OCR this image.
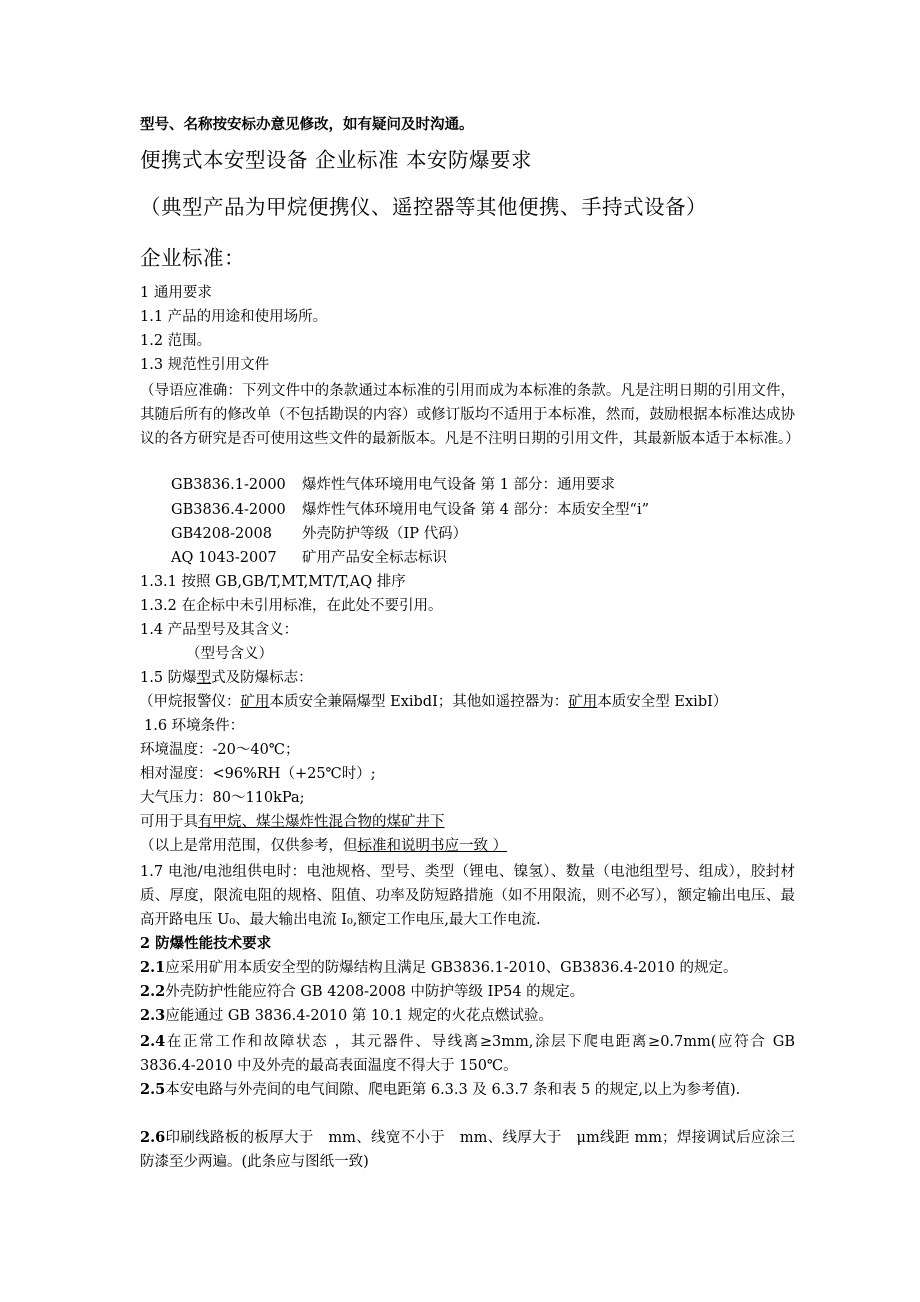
型号、名称按安标办意见修改，如有疑问及时沟通。
便携式本安型设备 企业标准 本安防爆要求
（典型产品为甲烷便携仪、遥控器等其他便携、手持式设备）
企业标准：
1 通用要求
1.1 产品的用途和使用场所。
1.2 范围。
1.3 规范性引用文件
（导语应准确：下列文件中的条款通过本标准的引用而成为本标准的条款。凡是注明日期的引用文件，其随后所有的修改单（不包括勘误的内容）或修订版均不适用于本标准，然而，鼓励根据本标准达成协议的各方研究是否可使用这些文件的最新版本。凡是不注明日期的引用文件，其最新版本适于本标准。）
GB3836.1-2000 爆炸性气体环境用电气设备 第 1 部分：通用要求
GB3836.4-2000 爆炸性气体环境用电气设备 第 4 部分：本质安全型“i”
GB4208-2008 外壳防护等级（IP 代码）
AQ 1043-2007 矿用产品安全标志标识
1.3.1 按照 GB,GB/T,MT,MT/T,AQ 排序
1.3.2 在企标中未引用标准，在此处不要引用。
1.4 产品型号及其含义：
（型号含义）
1.5 防爆型式及防爆标志：
（甲烷报警仪：矿用本质安全兼隔爆型 ExibdI；其他如遥控器为：矿用本质安全型 ExibI）
1.6 环境条件：
环境温度：-20～40℃；
相对湿度：<96%RH（+25℃时）;
大气压力：80～110kPa;
可用于具有甲烷、煤尘爆炸性混合物的煤矿井下
（以上是常用范围，仅供参考，但标准和说明书应一致 ）
1.7 电池/电池组供电时：电池规格、型号、类型（锂电、镍氢）、数量（电池组型号、组成），胶封材质、厚度，限流电阻的规格、阻值、功率及防短路措施（如不用限流，则不必写），额定输出电压、最高开路电压 U₀、最大输出电流 I₀,额定工作电压,最大工作电流.
2 防爆性能技术要求
2.1应采用矿用本质安全型的防爆结构且满足 GB3836.1-2010、GB3836.4-2010 的规定。
2.2外壳防护性能应符合 GB 4208-2008 中防护等级 IP54 的规定。
2.3应能通过 GB 3836.4-2010 第 10.1 规定的火花点燃试验。
2.4在正常工作和故障状态 ，其元器件、导线离≥3mm,涂层下爬电距离≥0.7mm(应符合 GB 3836.4-2010 中及外壳的最高表面温度不得大于 150℃。
2.5本安电路与外壳间的电气间隙、爬电距第 6.3.3 及 6.3.7 条和表 5 的规定,以上为参考值).
2.6印刷线路板的板厚大于　mm、线宽不小于　mm、线厚大于　μm线距 mm；焊接调试后应涂三防漆至少两遍。(此条应与图纸一致)
